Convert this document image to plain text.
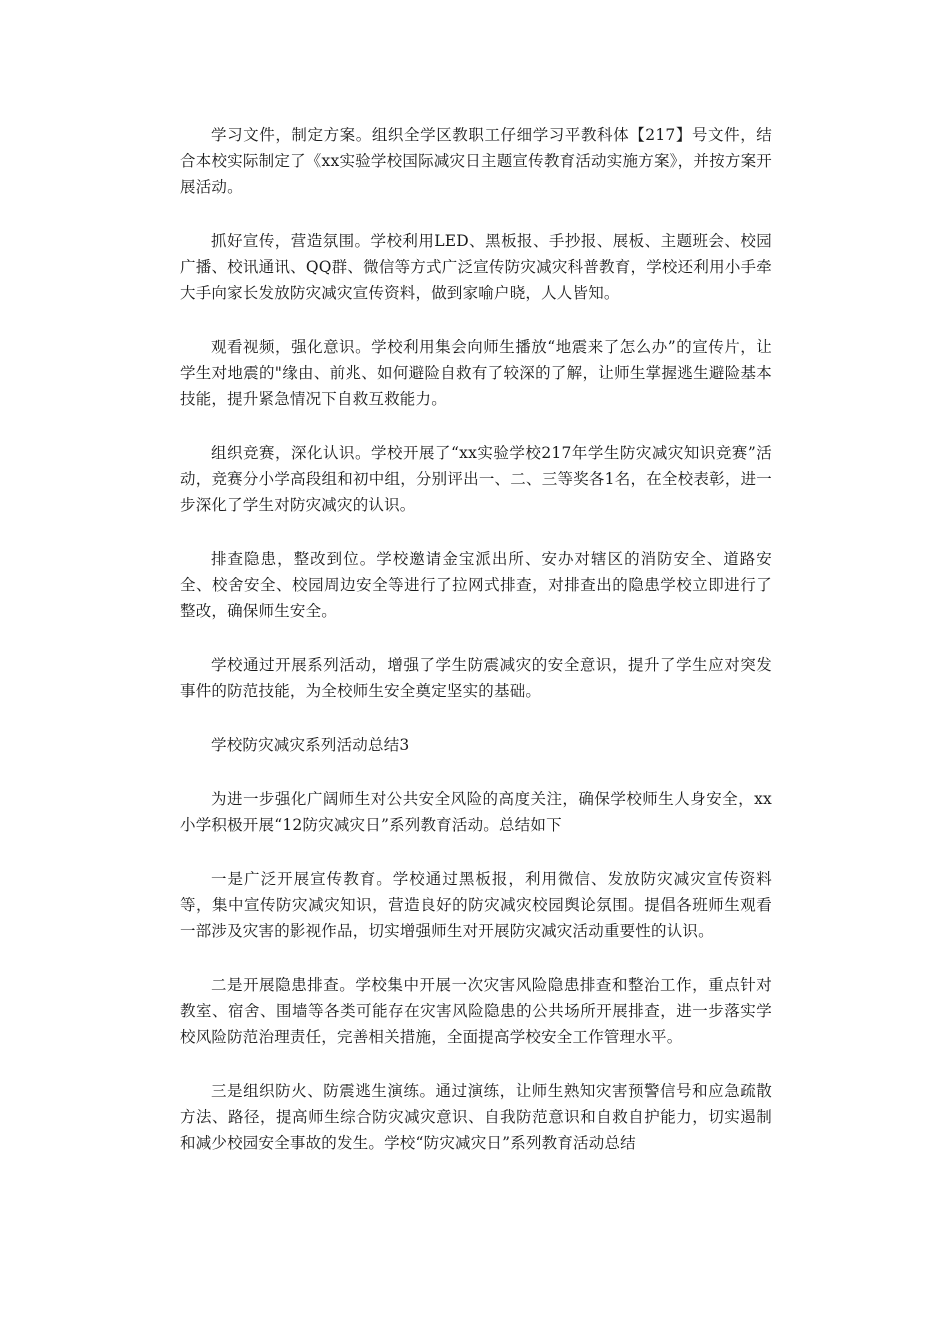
学习文件，制定方案。组织全学区教职工仔细学习平教科体【217】号文件，结合本校实际制定了《xx实验学校国际减灾日主题宣传教育活动实施方案》，并按方案开展活动。

抓好宣传，营造氛围。学校利用LED、黑板报、手抄报、展板、主题班会、校园广播、校讯通讯、QQ群、微信等方式广泛宣传防灾减灾科普教育，学校还利用小手牵大手向家长发放防灾减灾宣传资料，做到家喻户晓，人人皆知。

观看视频，强化意识。学校利用集会向师生播放“地震来了怎么办”的宣传片，让学生对地震的"缘由、前兆、如何避险自救有了较深的了解，让师生掌握逃生避险基本技能，提升紧急情况下自救互救能力。

组织竞赛，深化认识。学校开展了“xx实验学校217年学生防灾减灾知识竞赛”活动，竞赛分小学高段组和初中组，分别评出一、二、三等奖各1名，在全校表彰，进一步深化了学生对防灾减灾的认识。

排查隐患，整改到位。学校邀请金宝派出所、安办对辖区的消防安全、道路安全、校舍安全、校园周边安全等进行了拉网式排查，对排查出的隐患学校立即进行了整改，确保师生安全。

学校通过开展系列活动，增强了学生防震减灾的安全意识，提升了学生应对突发事件的防范技能，为全校师生安全奠定坚实的基础。

学校防灾减灾系列活动总结3

为进一步强化广阔师生对公共安全风险的高度关注，确保学校师生人身安全，xx小学积极开展“12防灾减灾日”系列教育活动。总结如下

一是广泛开展宣传教育。学校通过黑板报，利用微信、发放防灾减灾宣传资料等，集中宣传防灾减灾知识，营造良好的防灾减灾校园舆论氛围。提倡各班师生观看一部涉及灾害的影视作品，切实增强师生对开展防灾减灾活动重要性的认识。

二是开展隐患排查。学校集中开展一次灾害风险隐患排查和整治工作，重点针对教室、宿舍、围墙等各类可能存在灾害风险隐患的公共场所开展排查，进一步落实学校风险防范治理责任，完善相关措施，全面提高学校安全工作管理水平。

三是组织防火、防震逃生演练。通过演练，让师生熟知灾害预警信号和应急疏散方法、路径，提高师生综合防灾减灾意识、自我防范意识和自救自护能力，切实遏制和减少校园安全事故的发生。学校“防灾减灾日”系列教育活动总结
